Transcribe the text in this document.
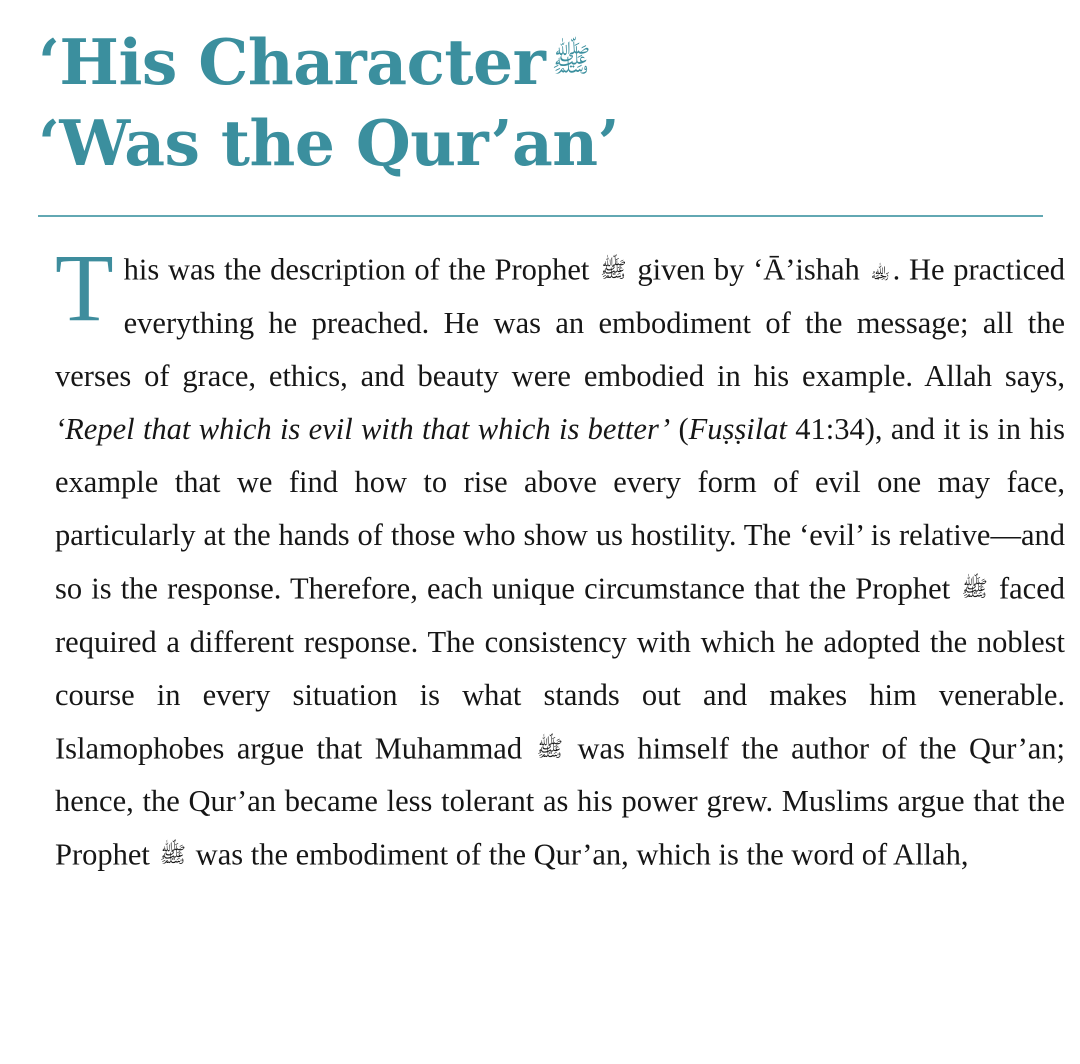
‘His Character $^ﷺ$
‘Was the Qur’an’
This was the description of the Prophet ﷺ given by ʻĀ’ishah ﵀. He practiced everything he preached. He was an embodiment of the message; all the verses of grace, ethics, and beauty were embodied in his example. Allah says, ‘Repel that which is evil with that which is better’ (Fuṣṣilat 41:34), and it is in his example that we find how to rise above every form of evil one may face, particularly at the hands of those who show us hostility. The ‘evil’ is relative—and so is the response. Therefore, each unique circumstance that the Prophet ﷺ faced required a different response. The consistency with which he adopted the noblest course in every situation is what stands out and makes him venerable. Islamophobes argue that Muhammad ﷺ was himself the author of the Qur’an; hence, the Qur’an became less tolerant as his power grew. Muslims argue that the Prophet ﷺ was the embodiment of the Qur’an, which is the word of Allah,
